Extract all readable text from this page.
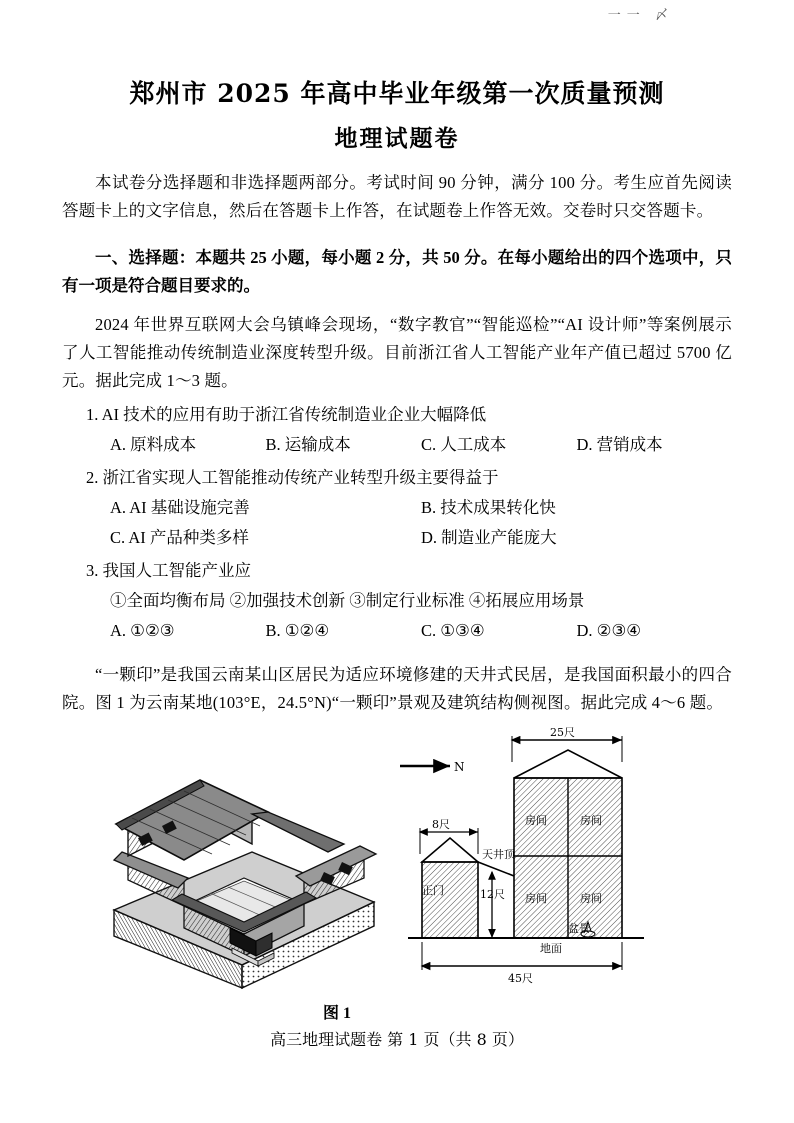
一一 〆
郑州市 2025 年高中毕业年级第一次质量预测
地理试题卷

本试卷分选择题和非选择题两部分。考试时间 90 分钟，满分 100 分。考生应首先阅读答题卡上的文字信息，然后在答题卡上作答，在试题卷上作答无效。交卷时只交答题卡。

一、选择题：本题共 25 小题，每小题 2 分，共 50 分。在每小题给出的四个选项中，只有一项是符合题目要求的。

2024 年世界互联网大会乌镇峰会现场，“数字教官”“智能巡检”“AI 设计师”等案例展示了人工智能推动传统制造业深度转型升级。目前浙江省人工智能产业年产值已超过 5700 亿元。据此完成 1～3 题。

1. AI 技术的应用有助于浙江省传统制造业企业大幅降低

A. 原料成本	B. 运输成本	C. 人工成本	D. 营销成本

2. 浙江省实现人工智能推动传统产业转型升级主要得益于

A. AI 基础设施完善	B. 技术成果转化快
C. AI 产品种类多样	D. 制造业产能庞大

3. 我国人工智能产业应

①全面均衡布局 ②加强技术创新 ③制定行业标准 ④拓展应用场景
A. ①②③	B. ①②④	C. ①③④	D. ②③④

“一颗印”是我国云南某山区居民为适应环境修建的天井式民居，是我国面积最小的四合院。图 1 为云南某地(103°E，24.5°N)“一颗印”景观及建筑结构侧视图。据此完成 4～6 题。

N
25尺
房间	房间
房间	房间
8尺
正门
天井顶
12尺
地面
盆景
45尺
图 1
高三地理试题卷 第 1 页（共 8 页）
